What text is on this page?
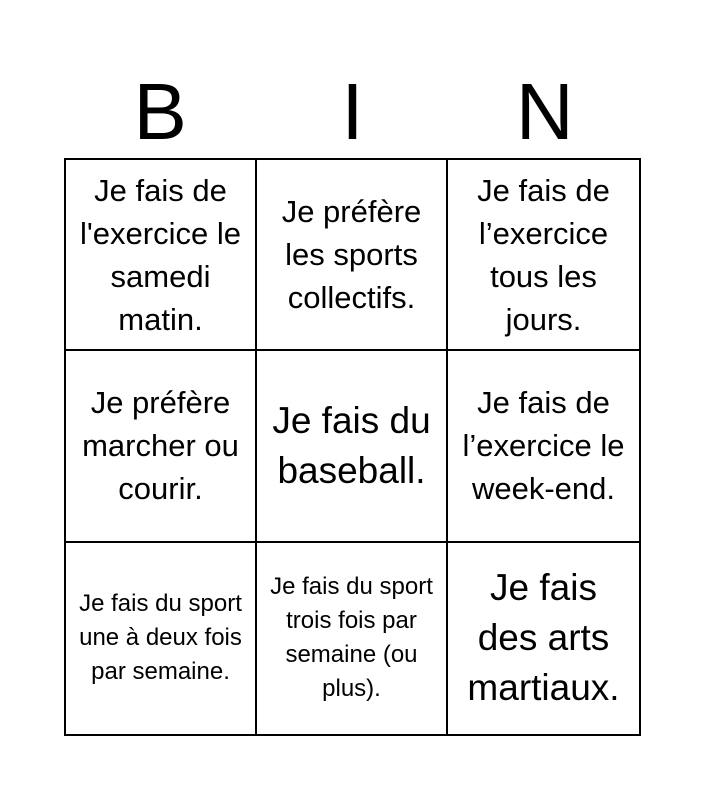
B	I	N
Je fais de l'exercice le samedi matin.
Je préfère les sports collectifs.
Je fais de l’exercice tous les jours.
Je préfère marcher ou courir.
Je fais du baseball.
Je fais de l’exercice le week-end.
Je fais du sport une à deux fois par semaine.
Je fais du sport trois fois par semaine (ou plus).
Je fais des arts martiaux.
